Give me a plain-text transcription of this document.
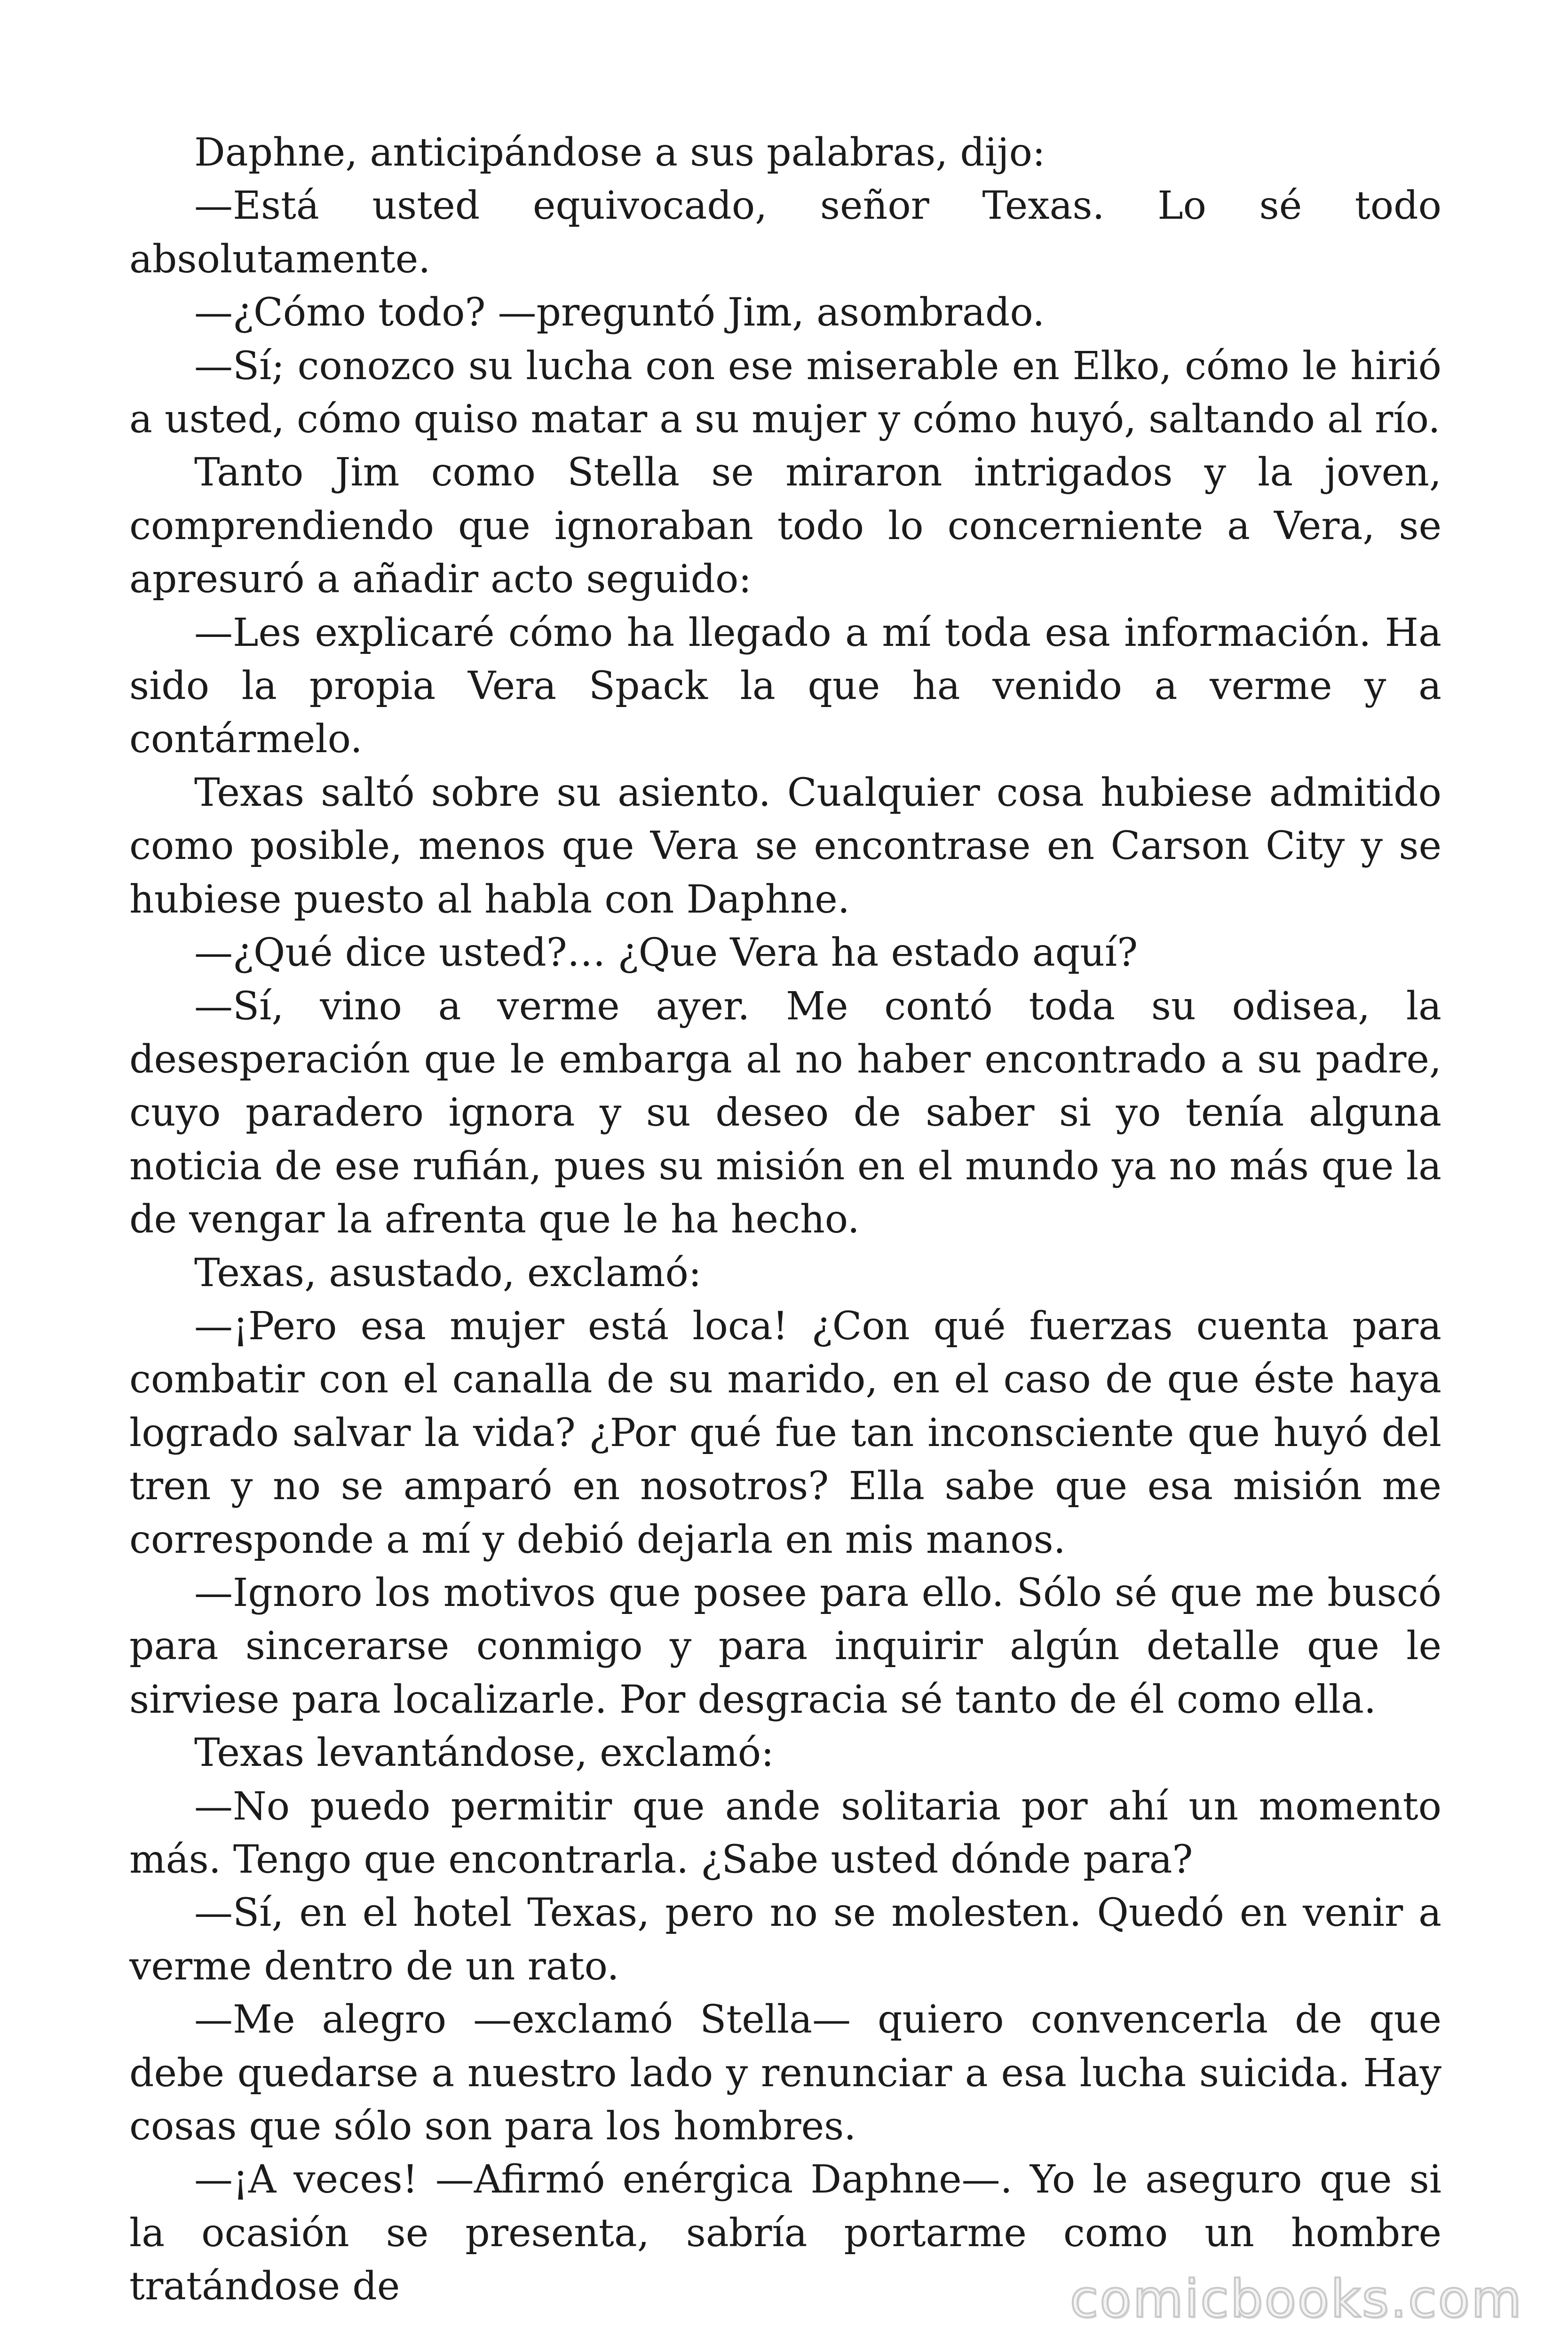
Daphne, anticipándose a sus palabras, dijo:

—Está usted equivocado, señor Texas. Lo sé todo absolutamente.

—¿Cómo todo? —preguntó Jim, asombrado.

—Sí; conozco su lucha con ese miserable en Elko, cómo le hirió a usted, cómo quiso matar a su mujer y cómo huyó, saltando al río.

Tanto Jim como Stella se miraron intrigados y la joven, comprendiendo que ignoraban todo lo concerniente a Vera, se apresuró a añadir acto seguido:

—Les explicaré cómo ha llegado a mí toda esa información. Ha sido la propia Vera Spack la que ha venido a verme y a contármelo.

Texas saltó sobre su asiento. Cualquier cosa hubiese admitido como posible, menos que Vera se encontrase en Carson City y se hubiese puesto al habla con Daphne.

—¿Qué dice usted?… ¿Que Vera ha estado aquí?

—Sí, vino a verme ayer. Me contó toda su odisea, la desesperación que le embarga al no haber encontrado a su padre, cuyo paradero ignora y su deseo de saber si yo tenía alguna noticia de ese rufián, pues su misión en el mundo ya no más que la de vengar la afrenta que le ha hecho.

Texas, asustado, exclamó:

—¡Pero esa mujer está loca! ¿Con qué fuerzas cuenta para combatir con el canalla de su marido, en el caso de que éste haya logrado salvar la vida? ¿Por qué fue tan inconsciente que huyó del tren y no se amparó en nosotros? Ella sabe que esa misión me corresponde a mí y debió dejarla en mis manos.

—Ignoro los motivos que posee para ello. Sólo sé que me buscó para sincerarse conmigo y para inquirir algún detalle que le sirviese para localizarle. Por desgracia sé tanto de él como ella.

Texas levantándose, exclamó:

—No puedo permitir que ande solitaria por ahí un momento más. Tengo que encontrarla. ¿Sabe usted dónde para?

—Sí, en el hotel Texas, pero no se molesten. Quedó en venir a verme dentro de un rato.

—Me alegro —exclamó Stella— quiero convencerla de que debe quedarse a nuestro lado y renunciar a esa lucha suicida. Hay cosas que sólo son para los hombres.

—¡A veces! —Afirmó enérgica Daphne—. Yo le aseguro que si la ocasión se presenta, sabría portarme como un hombre tratándose de	comicbooks.com
